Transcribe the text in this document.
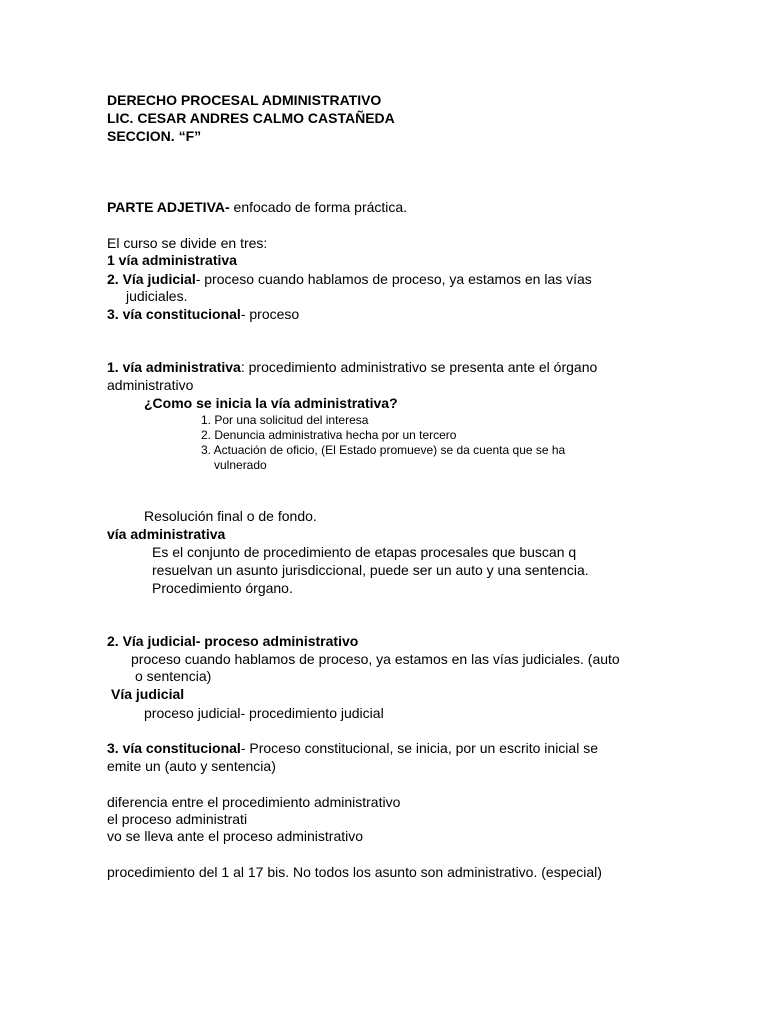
DERECHO PROCESAL ADMINISTRATIVO
LIC. CESAR ANDRES CALMO CASTAÑEDA
SECCION. “F”
PARTE ADJETIVA- enfocado de forma práctica.
El curso se divide en tres:
1 vía administrativa
2. Vía judicial- proceso cuando hablamos de proceso, ya estamos en las vías
judiciales.
3. vía constitucional- proceso
1. vía administrativa: procedimiento administrativo se presenta ante el órgano
administrativo
¿Como se inicia la vía administrativa?
1. Por una solicitud del interesa
2. Denuncia administrativa hecha por un tercero
3. Actuación de oficio, (El Estado promueve) se da cuenta que se ha
vulnerado
Resolución final o de fondo.
vía administrativa
Es el conjunto de procedimiento de etapas procesales que buscan q
resuelvan un asunto jurisdiccional, puede ser un auto y una sentencia.
Procedimiento órgano.
2. Vía judicial- proceso administrativo
proceso cuando hablamos de proceso, ya estamos en las vías judiciales. (auto
o sentencia)
Vía judicial
proceso judicial- procedimiento judicial
3. vía constitucional- Proceso constitucional, se inicia, por un escrito inicial se
emite un (auto y sentencia)
diferencia entre el procedimiento administrativo
el proceso administrati
vo se lleva ante el proceso administrativo
procedimiento del 1 al 17 bis. No todos los asunto son administrativo. (especial)
